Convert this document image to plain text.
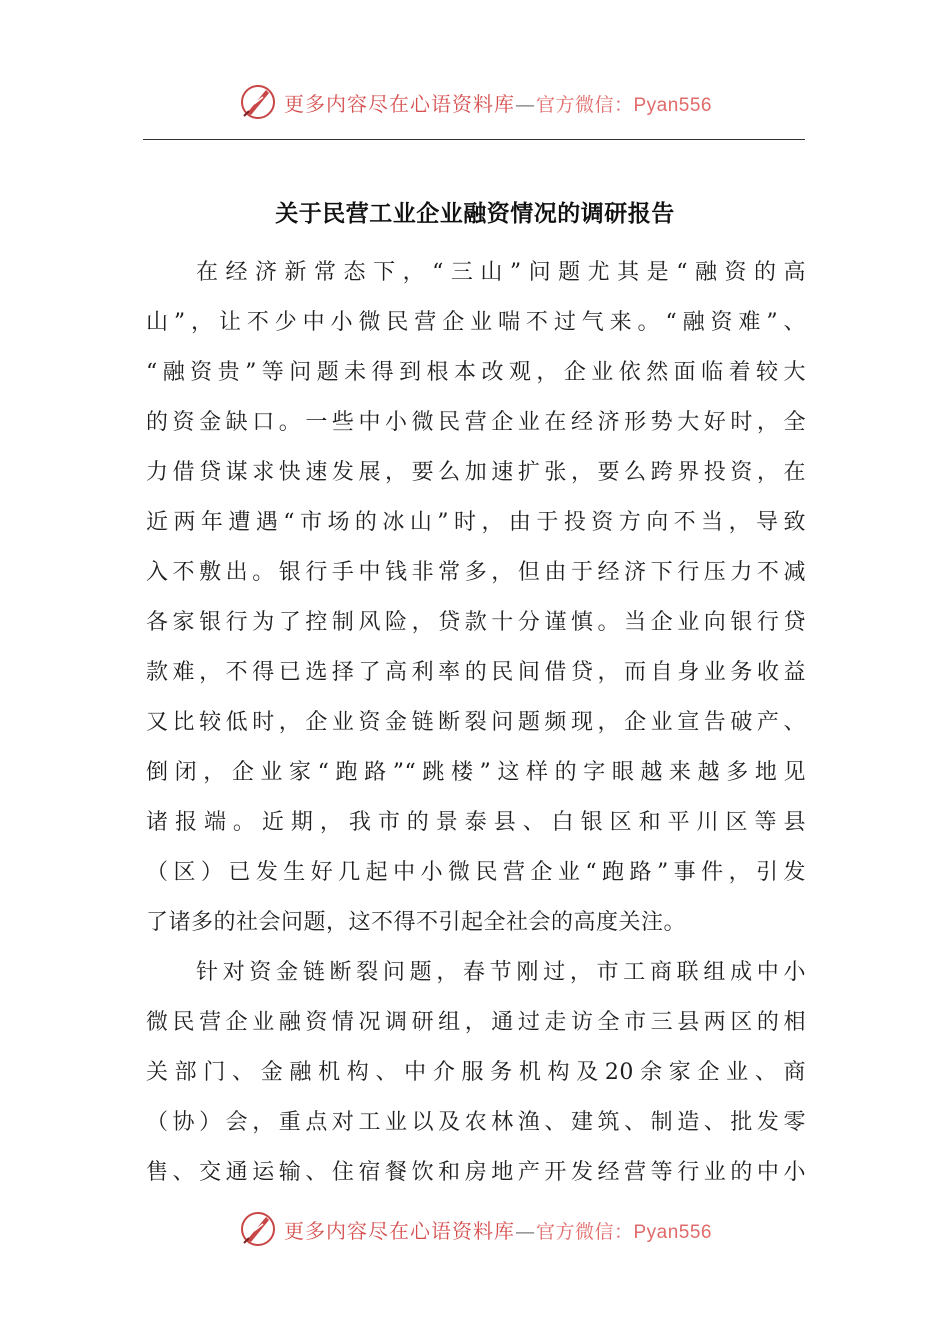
更多内容尽在心语资料库 — 官方微信：Pyan556
关于民营工业企业融资情况的调研报告
在经济新常态下，“三山”问题尤其是“融资的高
山”，让不少中小微民营企业喘不过气来。“融资难”、
“融资贵”等问题未得到根本改观，企业依然面临着较大
的资金缺口。一些中小微民营企业在经济形势大好时，全
力借贷谋求快速发展，要么加速扩张，要么跨界投资，在
近两年遭遇“市场的冰山”时，由于投资方向不当，导致
入不敷出。银行手中钱非常多，但由于经济下行压力不减
各家银行为了控制风险，贷款十分谨慎。当企业向银行贷
款难，不得已选择了高利率的民间借贷，而自身业务收益
又比较低时，企业资金链断裂问题频现，企业宣告破产、
倒闭，企业家“跑路”“跳楼”这样的字眼越来越多地见
诸报端。近期，我市的景泰县、白银区和平川区等县
（区）已发生好几起中小微民营企业“跑路”事件，引发
了诸多的社会问题，这不得不引起全社会的高度关注。
针对资金链断裂问题，春节刚过，市工商联组成中小
微民营企业融资情况调研组，通过走访全市三县两区的相
关部门、金融机构、中介服务机构及20余家企业、商
（协）会，重点对工业以及农林渔、建筑、制造、批发零
售、交通运输、住宿餐饮和房地产开发经营等行业的中小
更多内容尽在心语资料库 — 官方微信：Pyan556
